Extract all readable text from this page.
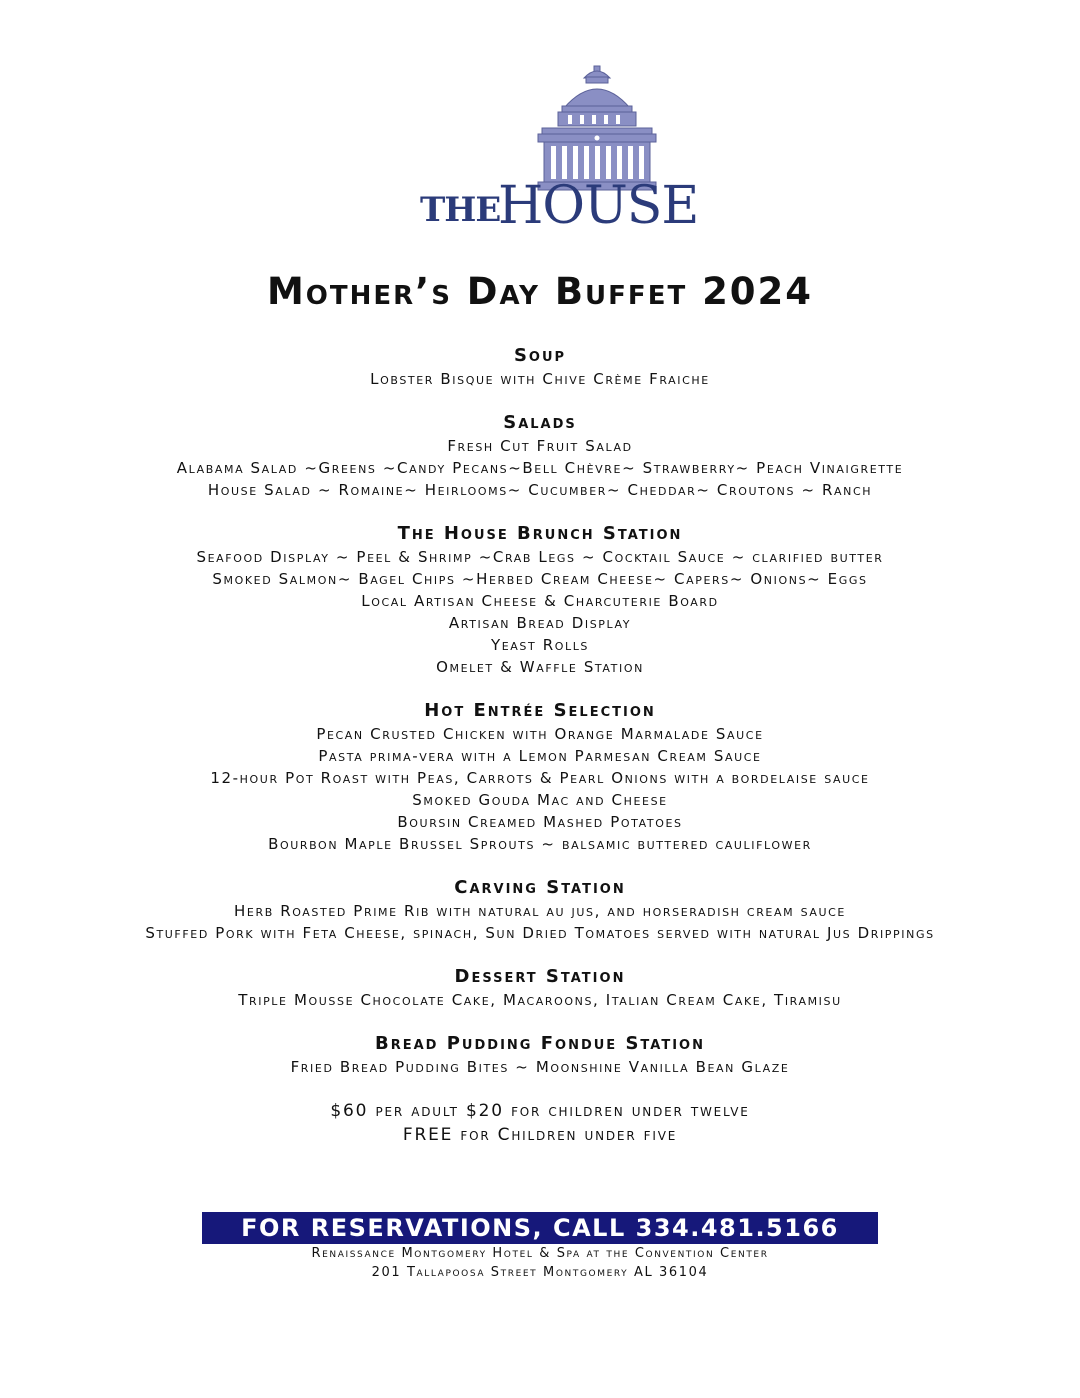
THE
HOUSE
Mother’s Day Buffet 2024
Soup
Lobster Bisque with Chive Crème Fraiche
Salads
Fresh Cut Fruit Salad
Alabama Salad ~Greens ~Candy Pecans~Bell Chèvre~ Strawberry~ Peach Vinaigrette
House Salad ~ Romaine~ Heirlooms~ Cucumber~ Cheddar~ Croutons ~ Ranch
The House Brunch Station
Seafood Display ~ Peel & Shrimp ~Crab Legs ~ Cocktail Sauce ~ clarified butter
Smoked Salmon~ Bagel Chips ~Herbed Cream Cheese~ Capers~ Onions~ Eggs
Local Artisan Cheese & Charcuterie Board
Artisan Bread Display
Yeast Rolls
Omelet & Waffle Station
Hot Entrée Selection
Pecan Crusted Chicken with Orange Marmalade Sauce
Pasta prima-vera with a Lemon Parmesan Cream Sauce
12-hour Pot Roast with Peas, Carrots & Pearl Onions with a bordelaise sauce
Smoked Gouda Mac and Cheese
Boursin Creamed Mashed Potatoes
Bourbon Maple Brussel Sprouts ~ balsamic buttered cauliflower
Carving Station
Herb Roasted Prime Rib with natural au jus, and horseradish cream sauce
Stuffed Pork with Feta Cheese, spinach, Sun Dried Tomatoes served with natural Jus Drippings
Dessert Station
Triple Mousse Chocolate Cake, Macaroons, Italian Cream Cake, Tiramisu
Bread Pudding Fondue Station
Fried Bread Pudding Bites ~ Moonshine Vanilla Bean Glaze
$60 per adult $20 for children under twelve
FREE for Children under five
FOR RESERVATIONS, CALL 334.481.5166
Renaissance Montgomery Hotel & Spa at the Convention Center
201 Tallapoosa Street Montgomery AL 36104
